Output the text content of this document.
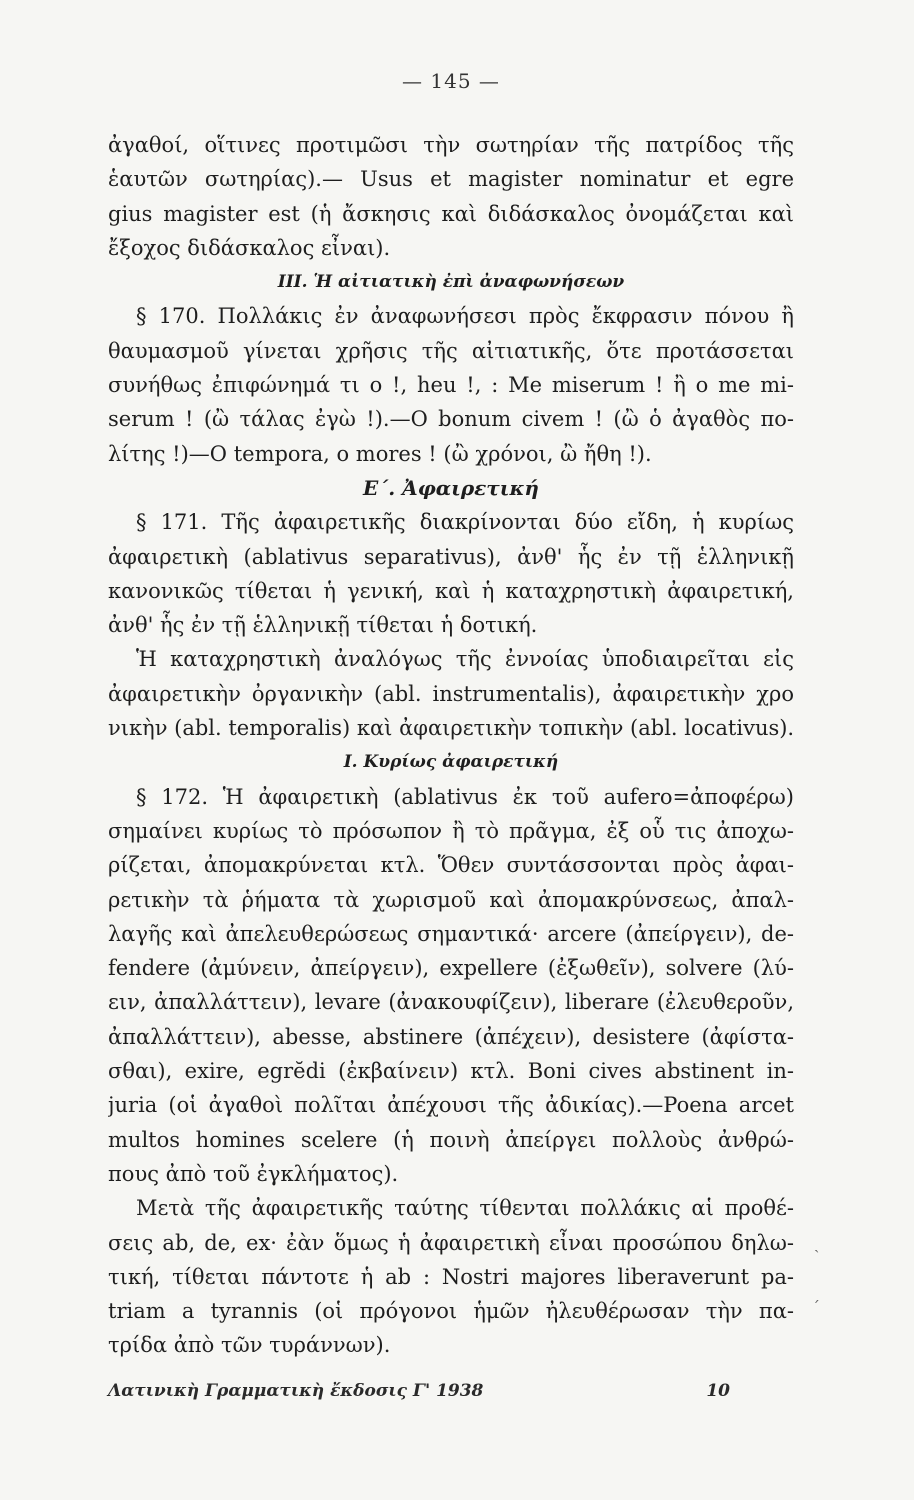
— 145 —
ἀγαθοί, οἵτινες προτιμῶσι τὴν σωτηρίαν τῆς πατρίδος τῆς
ἑαυτῶν σωτηρίας).— Usus et magister nominatur et egre
gius magister est (ἡ ἄσκησις καὶ διδάσκαλος ὀνομάζεται καὶ
ἔξοχος διδάσκαλος εἶναι).
III. Ἡ αἰτιατικὴ ἐπὶ ἀναφωνήσεων
§ 170. Πολλάκις ἐν ἀναφωνήσεσι πρὸς ἔκφρασιν πόνου ἢ
θαυμασμοῦ γίνεται χρῆσις τῆς αἰτιατικῆς, ὅτε προτάσσεται
συνήθως ἐπιφώνημά τι ο !, heu !, : Me miserum ! ἢ o me mi-
serum ! (ὢ τάλας ἐγὼ !).—O bonum civem ! (ὢ ὁ ἀγαθὸς πο-
λίτης !)—O tempora, o mores ! (ὢ χρόνοι, ὢ ἤθη !).
Ε΄. Ἀφαιρετική
§ 171. Τῆς ἀφαιρετικῆς διακρίνονται δύο εἴδη, ἡ κυρίως
ἀφαιρετικὴ (ablativus separativus), ἀνθ' ἧς ἐν τῇ ἑλληνικῇ
κανονικῶς τίθεται ἡ γενική, καὶ ἡ καταχρηστικὴ ἀφαιρετική,
ἀνθ' ἧς ἐν τῇ ἑλληνικῇ τίθεται ἡ δοτική.
Ἡ καταχρηστικὴ ἀναλόγως τῆς ἐννοίας ὑποδιαιρεῖται εἰς
ἀφαιρετικὴν ὀργανικὴν (abl. instrumentalis), ἀφαιρετικὴν χρο
νικὴν (abl. temporalis) καὶ ἀφαιρετικὴν τοπικὴν (abl. locativus).
I. Κυρίως ἀφαιρετική
§ 172. Ἡ ἀφαιρετικὴ (ablativus ἐκ τοῦ aufero=ἀποφέρω)
σημαίνει κυρίως τὸ πρόσωπον ἢ τὸ πρᾶγμα, ἐξ οὗ τις ἀποχω-
ρίζεται, ἀπομακρύνεται κτλ. Ὅθεν συντάσσονται πρὸς ἀφαι-
ρετικὴν τὰ ῥήματα τὰ χωρισμοῦ καὶ ἀπομακρύνσεως, ἀπαλ-
λαγῆς καὶ ἀπελευθερώσεως σημαντικά· arcere (ἀπείργειν), de-
fendere (ἀμύνειν, ἀπείργειν), expellere (ἐξωθεῖν), solvere (λύ-
ειν, ἀπαλλάττειν), levare (ἀνακουφίζειν), liberare (ἐλευθεροῦν,
ἀπαλλάττειν), abesse, abstinere (ἀπέχειν), desistere (ἀφίστα-
σθαι), exire, egrĕdi (ἐκβαίνειν) κτλ. Boni cives abstinent in-
juria (οἱ ἀγαθοὶ πολῖται ἀπέχουσι τῆς ἀδικίας).—Poena arcet
multos homines scelere (ἡ ποινὴ ἀπείργει πολλοὺς ἀνθρώ-
πους ἀπὸ τοῦ ἐγκλήματος).
Μετὰ τῆς ἀφαιρετικῆς ταύτης τίθενται πολλάκις αἱ προθέ-
σεις ab, de, ex· ἐὰν ὅμως ἡ ἀφαιρετικὴ εἶναι προσώπου δηλω-
τική, τίθεται πάντοτε ἡ ab : Nostri majores liberaverunt pa-
triam a tyrannis (οἱ πρόγονοι ἡμῶν ἠλευθέρωσαν τὴν πα-
τρίδα ἀπὸ τῶν τυράννων).
Λατινικὴ Γραμματικὴ ἔκδοσις Γ' 1938	10
ˎ
ˊ
